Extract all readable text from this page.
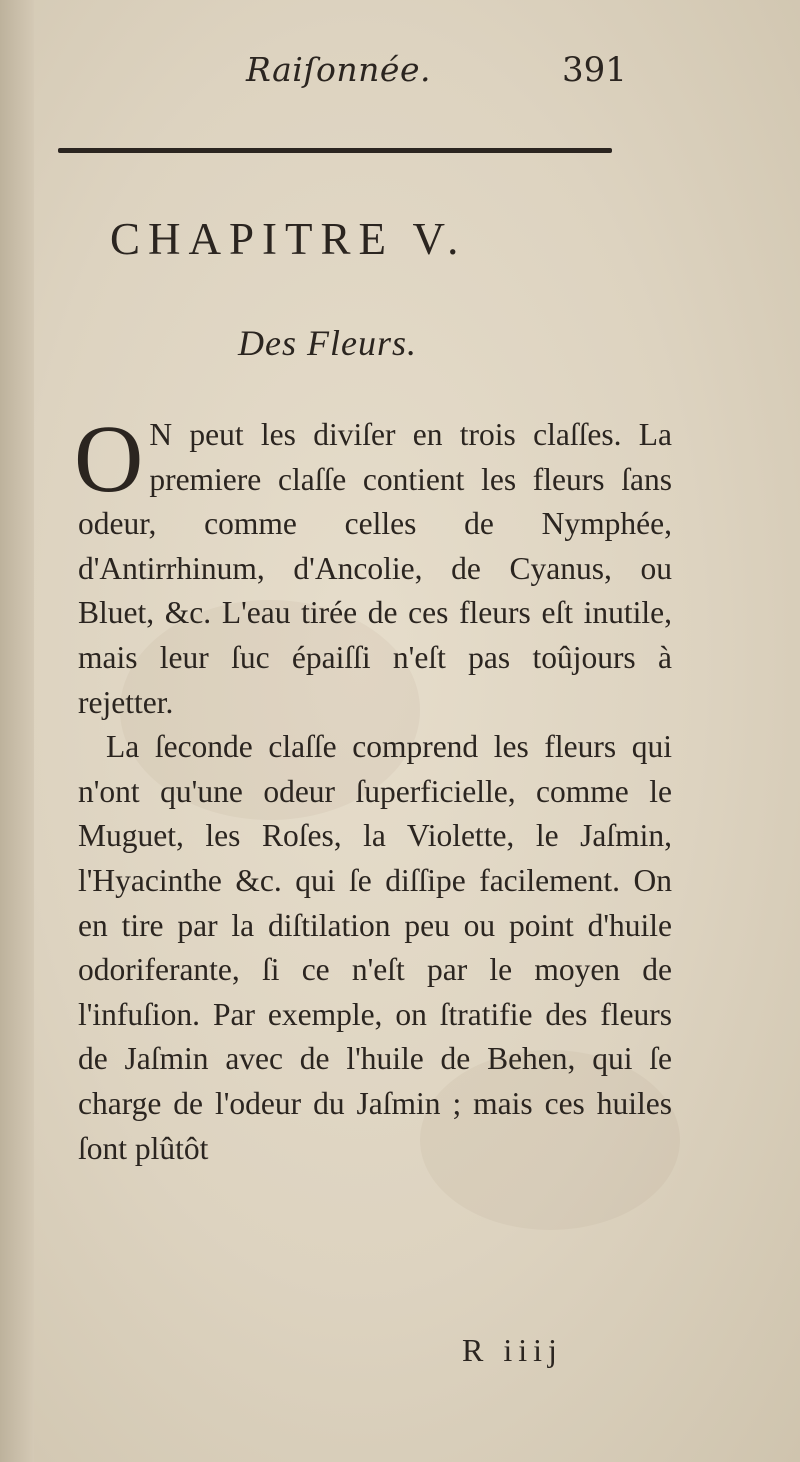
Raiſonnée.	391
CHAPITRE V.
Des Fleurs.

O N peut les diviſer en trois claſſes. La premiere claſſe contient les fleurs ſans odeur, comme celles de Nymphée, d'Antirrhinum, d'Ancolie, de Cyanus, ou Bluet, &c. L'eau tirée de ces fleurs eſt inutile, mais leur ſuc épaiſſi n'eſt pas toûjours à rejetter.

La ſeconde claſſe comprend les fleurs qui n'ont qu'une odeur ſuperficielle, comme le Muguet, les Roſes, la Violette, le Jaſmin, l'Hyacinthe &c. qui ſe diſſipe facilement. On en tire par la diſtilation peu ou point d'huile odoriferante, ſi ce n'eſt par le moyen de l'infuſion. Par exemple, on ſtratifie des fleurs de Jaſmin avec de l'huile de Behen, qui ſe charge de l'odeur du Jaſmin ; mais ces huiles ſont plûtôt

R iiij
